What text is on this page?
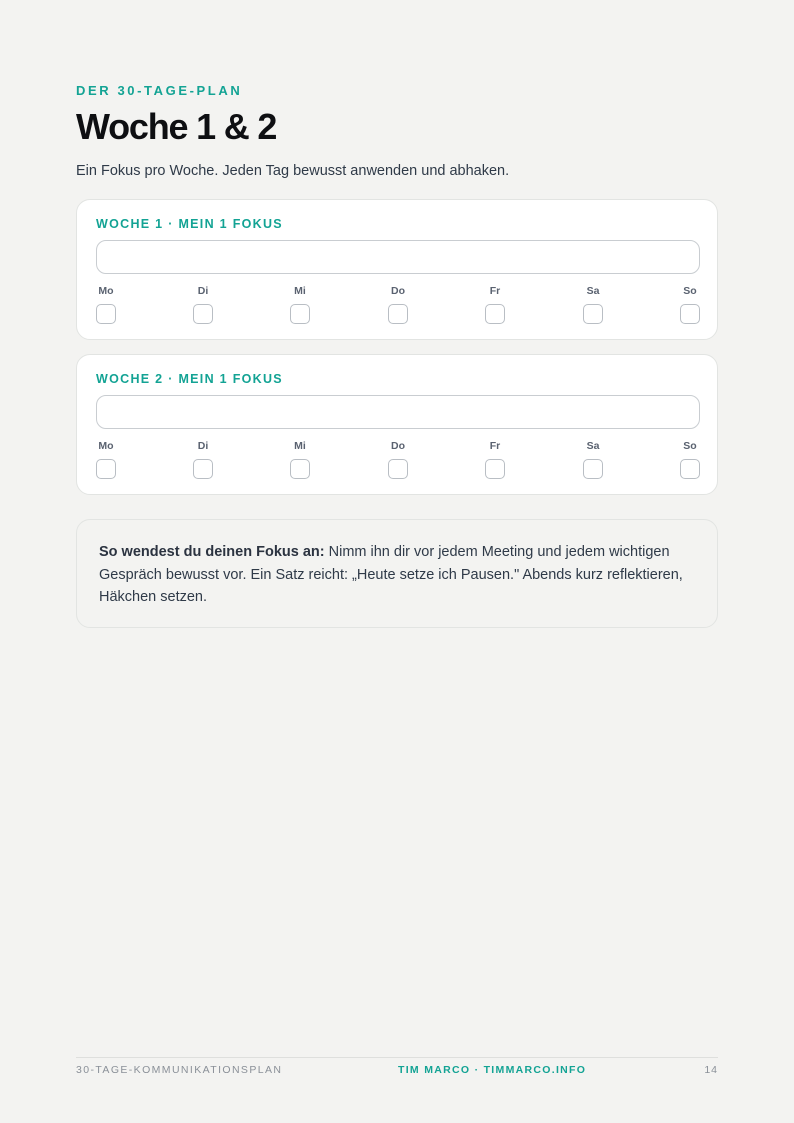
DER 30-TAGE-PLAN
Woche 1 & 2

Ein Fokus pro Woche. Jeden Tag bewusst anwenden und abhaken.

WOCHE 1 · MEIN 1 FOKUS
Mo	Di	Mi	Do	Fr	Sa	So
WOCHE 2 · MEIN 1 FOKUS
Mo	Di	Mi	Do	Fr	Sa	So
So wendest du deinen Fokus an: Nimm ihn dir vor jedem Meeting und jedem wichtigen Gespräch bewusst vor. Ein Satz reicht: „Heute setze ich Pausen." Abends kurz reflektieren, Häkchen setzen.
30-TAGE-KOMMUNIKATIONSPLAN	TIM MARCO · TIMMARCO.INFO	14
